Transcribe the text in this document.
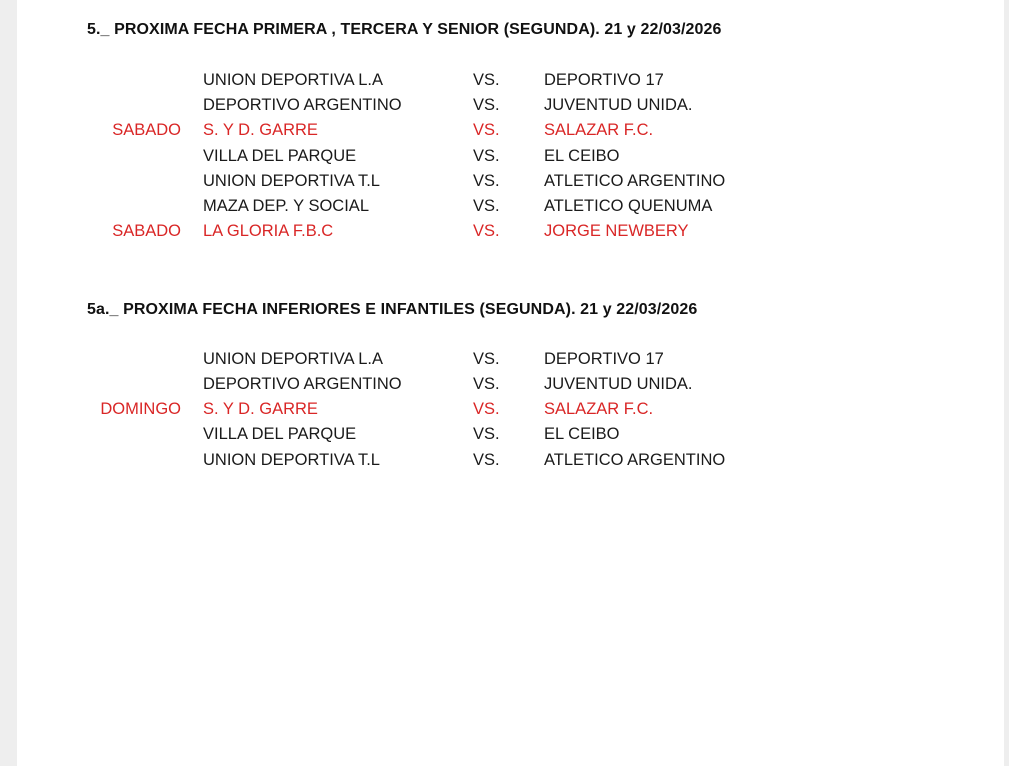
5._ PROXIMA FECHA PRIMERA , TERCERA Y SENIOR (SEGUNDA). 21 y 22/03/2026
UNION DEPORTIVA L.A	VS.	DEPORTIVO 17
DEPORTIVO ARGENTINO	VS.	JUVENTUD UNIDA.
SABADO S. Y D. GARRE	VS.	SALAZAR F.C.
VILLA DEL PARQUE	VS.	EL CEIBO
UNION DEPORTIVA T.L	VS.	ATLETICO ARGENTINO
MAZA DEP. Y SOCIAL	VS.	ATLETICO QUENUMA
SABADO LA GLORIA F.B.C	VS.	JORGE NEWBERY
5a._ PROXIMA FECHA INFERIORES E INFANTILES (SEGUNDA). 21 y 22/03/2026
UNION DEPORTIVA L.A	VS.	DEPORTIVO 17
DEPORTIVO ARGENTINO	VS.	JUVENTUD UNIDA.
DOMINGO S. Y D. GARRE	VS.	SALAZAR F.C.
VILLA DEL PARQUE	VS.	EL CEIBO
UNION DEPORTIVA T.L	VS.	ATLETICO ARGENTINO
